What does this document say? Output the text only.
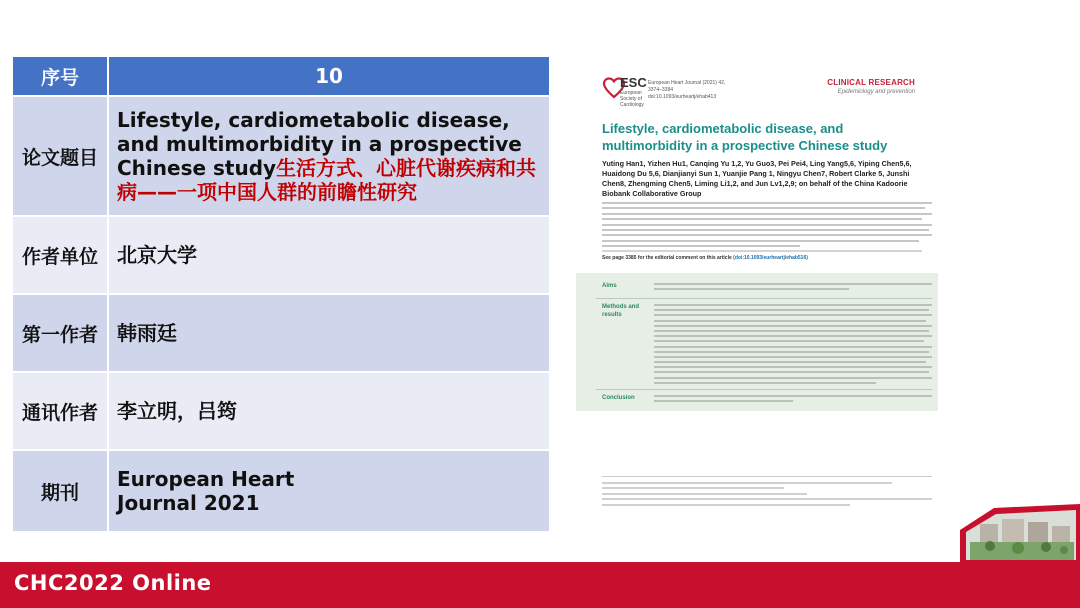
序号	10
论文题目
Lifestyle, cardiometabolic disease, and multimorbidity in a prospective Chinese study生活方式、心脏代谢疾病和共病——一项中国人群的前瞻性研究
作者单位 北京大学
第一作者 韩雨廷
通讯作者 李立明，吕筠
期刊
European Heart Journal 2021
ESC
European Society of Cardiology
European Heart Journal (2021) 42, 3374–3384 doi:10.1093/eurheartj/ehab413
CLINICAL RESEARCH
Epidemiology and prevention
Lifestyle, cardiometabolic disease, and multimorbidity in a prospective Chinese study
Yuting Han1, Yizhen Hu1, Canqing Yu 1,2, Yu Guo3, Pei Pei4, Ling Yang5,6, Yiping Chen5,6, Huaidong Du 5,6, Dianjianyi Sun 1, Yuanjie Pang 1, Ningyu Chen7, Robert Clarke 5, Junshi Chen8, Zhengming Chen5, Liming Li1,2, and Jun Lv1,2,9; on behalf of the China Kadoorie Biobank Collaborative Group
See page 3385 for the editorial comment on this article (doi:10.1093/eurheartj/ehab516)
Aims
Methods and results
Conclusion
CHC2022 Online
